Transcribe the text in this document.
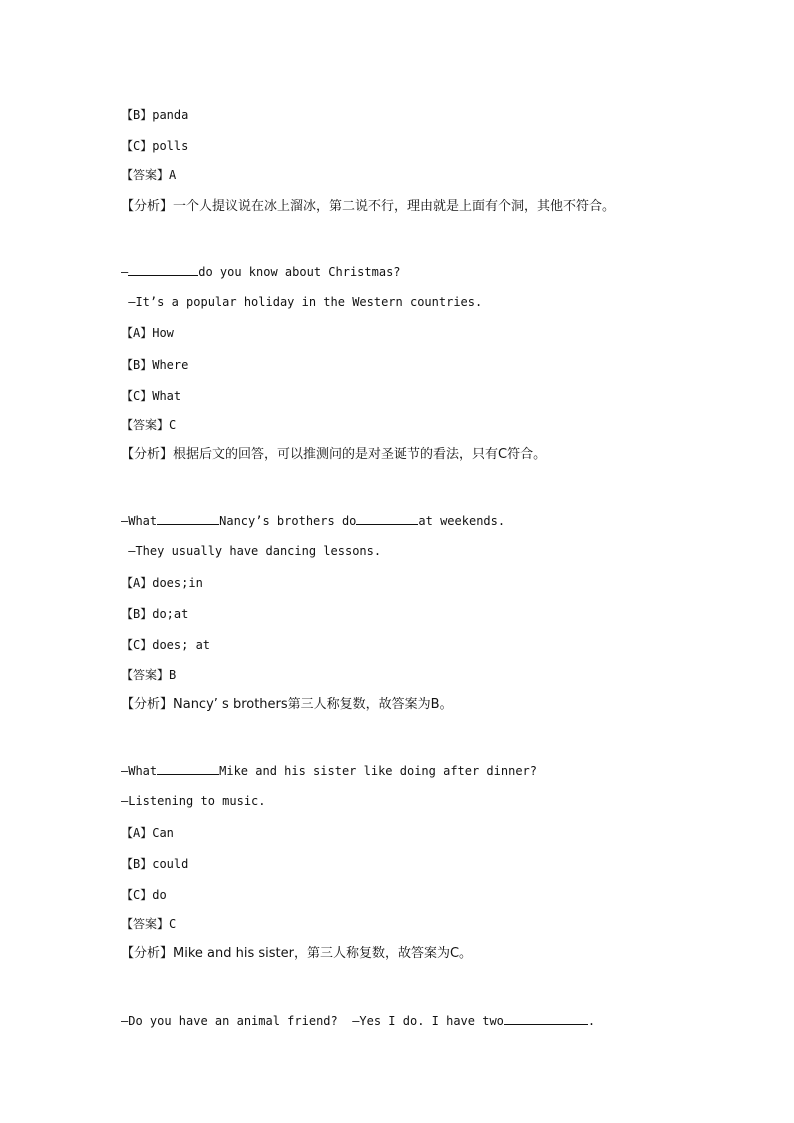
【B】panda
【C】polls
【答案】A
【分析】一个人提议说在冰上溜冰，第二说不行，理由就是上面有个洞，其他不符合。
—	do you know about Christmas?
—It’s a popular holiday in the Western countries.
【A】How
【B】Where
【C】What
【答案】C
【分析】根据后文的回答，可以推测问的是对圣诞节的看法，只有C符合。
—What	Nancy’s brothers do	at weekends.
—They usually have dancing lessons.
【A】does;in
【B】do;at
【C】does; at
【答案】B
【分析】Nancy’ s brothers第三人称复数，故答案为B。
—What	Mike and his sister like doing after dinner?
—Listening to music.
【A】Can
【B】could
【C】do
【答案】C
【分析】Mike and his sister，第三人称复数，故答案为C。
—Do you have an animal friend?  —Yes I do. I have two	.
